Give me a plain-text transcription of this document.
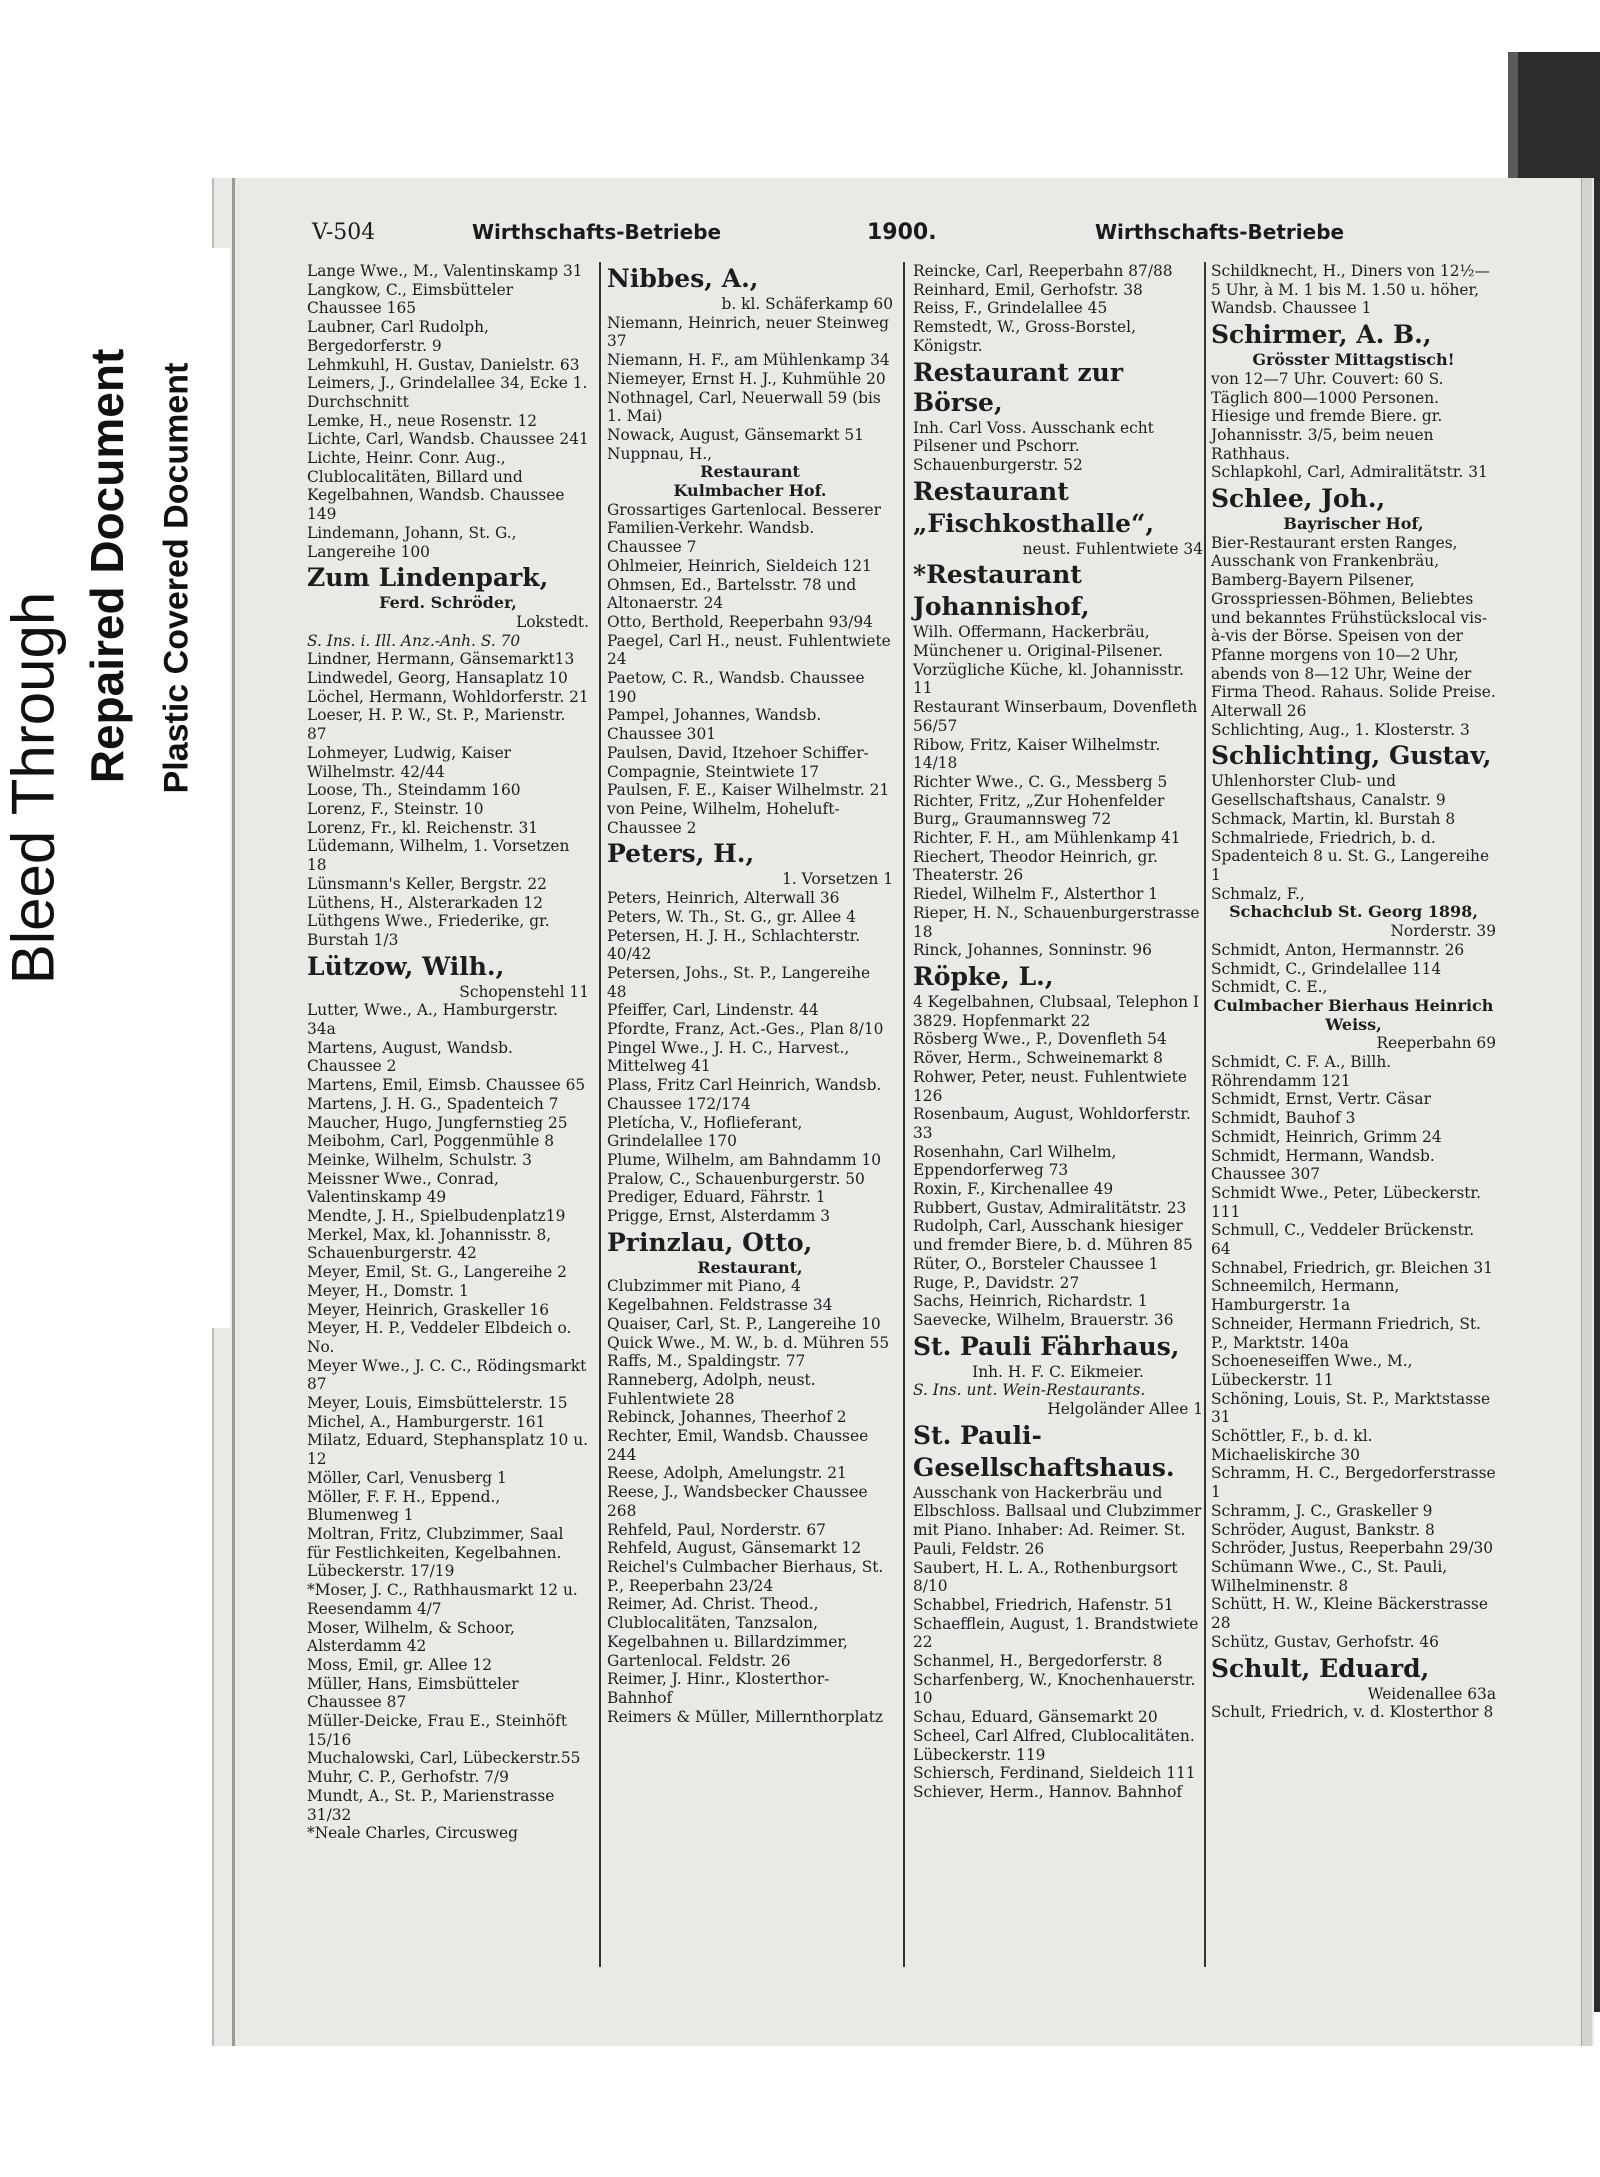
Bleed Through
Repaired Document Plastic Covered Document
V-504	Wirthschafts-Betriebe	1900.	Wirthschafts-Betriebe

Lange Wwe., M., Valentinskamp 31

Langkow, C., Eimsbütteler Chaussee 165

Laubner, Carl Rudolph, Bergedorferstr. 9

Lehmkuhl, H. Gustav, Danielstr. 63

Leimers, J., Grindelallee 34, Ecke 1. Durchschnitt

Lemke, H., neue Rosenstr. 12

Lichte, Carl, Wandsb. Chaussee 241

Lichte, Heinr. Conr. Aug., Clublocalitäten, Billard und Kegelbahnen, Wandsb. Chaussee 149

Lindemann, Johann, St. G., Langereihe 100

Zum Lindenpark,

Ferd. Schröder,

Lokstedt.

S. Ins. i. Ill. Anz.-Anh. S. 70

Lindner, Hermann, Gänsemarkt13

Lindwedel, Georg, Hansaplatz 10

Löchel, Hermann, Wohldorferstr. 21

Loeser, H. P. W., St. P., Marienstr. 87

Lohmeyer, Ludwig, Kaiser Wilhelmstr. 42/44

Loose, Th., Steindamm 160

Lorenz, F., Steinstr. 10

Lorenz, Fr., kl. Reichenstr. 31

Lüdemann, Wilhelm, 1. Vorsetzen 18

Lünsmann's Keller, Bergstr. 22

Lüthens, H., Alsterarkaden 12

Lüthgens Wwe., Friederike, gr. Burstah 1/3

Lützow, Wilh.,

Schopenstehl 11

Lutter, Wwe., A., Hamburgerstr. 34a

Martens, August, Wandsb. Chaussee 2

Martens, Emil, Eimsb. Chaussee 65

Martens, J. H. G., Spadenteich 7

Maucher, Hugo, Jungfernstieg 25

Meibohm, Carl, Poggenmühle 8

Meinke, Wilhelm, Schulstr. 3

Meissner Wwe., Conrad, Valentinskamp 49

Mendte, J. H., Spielbudenplatz19

Merkel, Max, kl. Johannisstr. 8, Schauenburgerstr. 42

Meyer, Emil, St. G., Langereihe 2

Meyer, H., Domstr. 1

Meyer, Heinrich, Graskeller 16

Meyer, H. P., Veddeler Elbdeich o. No.

Meyer Wwe., J. C. C., Rödingsmarkt 87

Meyer, Louis, Eimsbüttelerstr. 15

Michel, A., Hamburgerstr. 161

Milatz, Eduard, Stephansplatz 10 u. 12

Möller, Carl, Venusberg 1

Möller, F. F. H., Eppend., Blumenweg 1

Moltran, Fritz, Clubzimmer, Saal für Festlichkeiten, Kegelbahnen. Lübeckerstr. 17/19

*Moser, J. C., Rathhausmarkt 12 u. Reesendamm 4/7

Moser, Wilhelm, & Schoor, Alsterdamm 42

Moss, Emil, gr. Allee 12

Müller, Hans, Eimsbütteler Chaussee 87

Müller-Deicke, Frau E., Steinhöft 15/16

Muchalowski, Carl, Lübeckerstr.55

Muhr, C. P., Gerhofstr. 7/9

Mundt, A., St. P., Marienstrasse 31/32

*Neale Charles, Circusweg

Nibbes, A.,

b. kl. Schäferkamp 60

Niemann, Heinrich, neuer Steinweg 37

Niemann, H. F., am Mühlenkamp 34

Niemeyer, Ernst H. J., Kuhmühle 20

Nothnagel, Carl, Neuerwall 59 (bis 1. Mai)

Nowack, August, Gänsemarkt 51

Nuppnau, H.,

Restaurant

Kulmbacher Hof.

Grossartiges Gartenlocal. Besserer Familien-Verkehr. Wandsb. Chaussee 7

Ohlmeier, Heinrich, Sieldeich 121

Ohmsen, Ed., Bartelsstr. 78 und Altonaerstr. 24

Otto, Berthold, Reeperbahn 93/94

Paegel, Carl H., neust. Fuhlentwiete 24

Paetow, C. R., Wandsb. Chaussee 190

Pampel, Johannes, Wandsb. Chaussee 301

Paulsen, David, Itzehoer Schiffer-Compagnie, Steintwiete 17

Paulsen, F. E., Kaiser Wilhelmstr. 21

von Peine, Wilhelm, Hoheluft-Chaussee 2

Peters, H.,

1. Vorsetzen 1

Peters, Heinrich, Alterwall 36

Peters, W. Th., St. G., gr. Allee 4

Petersen, H. J. H., Schlachterstr. 40/42

Petersen, Johs., St. P., Langereihe 48

Pfeiffer, Carl, Lindenstr. 44

Pfordte, Franz, Act.-Ges., Plan 8/10

Pingel Wwe., J. H. C., Harvest., Mittelweg 41

Plass, Fritz Carl Heinrich, Wandsb. Chaussee 172/174

Pletícha, V., Hoflieferant, Grindelallee 170

Plume, Wilhelm, am Bahndamm 10

Pralow, C., Schauenburgerstr. 50

Prediger, Eduard, Fährstr. 1

Prigge, Ernst, Alsterdamm 3

Prinzlau, Otto,

Restaurant,

Clubzimmer mit Piano, 4 Kegelbahnen. Feldstrasse 34

Quaiser, Carl, St. P., Langereihe 10

Quick Wwe., M. W., b. d. Mühren 55

Raffs, M., Spaldingstr. 77

Ranneberg, Adolph, neust. Fuhlentwiete 28

Rebinck, Johannes, Theerhof 2

Rechter, Emil, Wandsb. Chaussee 244

Reese, Adolph, Amelungstr. 21

Reese, J., Wandsbecker Chaussee 268

Rehfeld, Paul, Norderstr. 67

Rehfeld, August, Gänsemarkt 12

Reichel's Culmbacher Bierhaus, St. P., Reeperbahn 23/24

Reimer, Ad. Christ. Theod., Clublocalitäten, Tanzsalon, Kegelbahnen u. Billardzimmer, Gartenlocal. Feldstr. 26

Reimer, J. Hinr., Klosterthor-Bahnhof

Reimers & Müller, Millernthorplatz

Reincke, Carl, Reeperbahn 87/88

Reinhard, Emil, Gerhofstr. 38

Reiss, F., Grindelallee 45

Remstedt, W., Gross-Borstel, Königstr.

Restaurant zur Börse,

Inh. Carl Voss. Ausschank echt Pilsener und Pschorr. Schauenburgerstr. 52

Restaurant

„Fischkosthalle“,

neust. Fuhlentwiete 34

*Restaurant

Johannishof,

Wilh. Offermann, Hackerbräu, Münchener u. Original-Pilsener. Vorzügliche Küche, kl. Johannisstr. 11

Restaurant Winserbaum, Dovenfleth 56/57

Ribow, Fritz, Kaiser Wilhelmstr. 14/18

Richter Wwe., C. G., Messberg 5

Richter, Fritz, „Zur Hohenfelder Burg„ Graumannsweg 72

Richter, F. H., am Mühlenkamp 41

Riechert, Theodor Heinrich, gr. Theaterstr. 26

Riedel, Wilhelm F., Alsterthor 1

Rieper, H. N., Schauenburgerstrasse 18

Rinck, Johannes, Sonninstr. 96

Röpke, L.,

4 Kegelbahnen, Clubsaal, Telephon I 3829. Hopfenmarkt 22

Rösberg Wwe., P., Dovenfleth 54

Röver, Herm., Schweinemarkt 8

Rohwer, Peter, neust. Fuhlentwiete 126

Rosenbaum, August, Wohldorferstr. 33

Rosenhahn, Carl Wilhelm, Eppendorferweg 73

Roxin, F., Kirchenallee 49

Rubbert, Gustav, Admiralitätstr. 23

Rudolph, Carl, Ausschank hiesiger und fremder Biere, b. d. Mühren 85

Rüter, O., Borsteler Chaussee 1

Ruge, P., Davidstr. 27

Sachs, Heinrich, Richardstr. 1

Saevecke, Wilhelm, Brauerstr. 36

St. Pauli Fährhaus,

Inh. H. F. C. Eikmeier.

S. Ins. unt. Wein-Restaurants.

Helgoländer Allee 1

St. Pauli-

Gesellschaftshaus.

Ausschank von Hackerbräu und Elbschloss. Ballsaal und Clubzimmer mit Piano. Inhaber: Ad. Reimer. St. Pauli, Feldstr. 26

Saubert, H. L. A., Rothenburgsort 8/10

Schabbel, Friedrich, Hafenstr. 51

Schaefflein, August, 1. Brandstwiete 22

Schanmel, H., Bergedorferstr. 8

Scharfenberg, W., Knochenhauerstr. 10

Schau, Eduard, Gänsemarkt 20

Scheel, Carl Alfred, Clublocalitäten. Lübeckerstr. 119

Schiersch, Ferdinand, Sieldeich 111

Schiever, Herm., Hannov. Bahnhof

Schildknecht, H., Diners von 12½—5 Uhr, à M. 1 bis M. 1.50 u. höher, Wandsb. Chaussee 1

Schirmer, A. B.,

Grösster Mittagstisch!

von 12—7 Uhr. Couvert: 60 S. Täglich 800—1000 Personen. Hiesige und fremde Biere. gr. Johannisstr. 3/5, beim neuen Rathhaus.

Schlapkohl, Carl, Admiralitätstr. 31

Schlee, Joh.,

Bayrischer Hof,

Bier-Restaurant ersten Ranges, Ausschank von Frankenbräu, Bamberg-Bayern Pilsener, Grosspriessen-Böhmen, Beliebtes und bekanntes Frühstückslocal vis-à-vis der Börse. Speisen von der Pfanne morgens von 10—2 Uhr, abends von 8—12 Uhr, Weine der Firma Theod. Rahaus. Solide Preise. Alterwall 26

Schlichting, Aug., 1. Klosterstr. 3

Schlichting, Gustav,

Uhlenhorster Club- und Gesellschaftshaus, Canalstr. 9

Schmack, Martin, kl. Burstah 8

Schmalriede, Friedrich, b. d. Spadenteich 8 u. St. G., Langereihe 1

Schmalz, F.,

Schachclub St. Georg 1898,

Norderstr. 39

Schmidt, Anton, Hermannstr. 26

Schmidt, C., Grindelallee 114

Schmidt, C. E.,

Culmbacher Bierhaus Heinrich Weiss,

Reeperbahn 69

Schmidt, C. F. A., Billh. Röhrendamm 121

Schmidt, Ernst, Vertr. Cäsar Schmidt, Bauhof 3

Schmidt, Heinrich, Grimm 24

Schmidt, Hermann, Wandsb. Chaussee 307

Schmidt Wwe., Peter, Lübeckerstr. 111

Schmull, C., Veddeler Brückenstr. 64

Schnabel, Friedrich, gr. Bleichen 31

Schneemilch, Hermann, Hamburgerstr. 1a

Schneider, Hermann Friedrich, St. P., Marktstr. 140a

Schoeneseiffen Wwe., M., Lübeckerstr. 11

Schöning, Louis, St. P., Marktstasse 31

Schöttler, F., b. d. kl. Michaeliskirche 30

Schramm, H. C., Bergedorferstrasse 1

Schramm, J. C., Graskeller 9

Schröder, August, Bankstr. 8

Schröder, Justus, Reeperbahn 29/30

Schümann Wwe., C., St. Pauli, Wilhelminenstr. 8

Schütt, H. W., Kleine Bäckerstrasse 28

Schütz, Gustav, Gerhofstr. 46

Schult, Eduard,

Weidenallee 63a

Schult, Friedrich, v. d. Klosterthor 8
